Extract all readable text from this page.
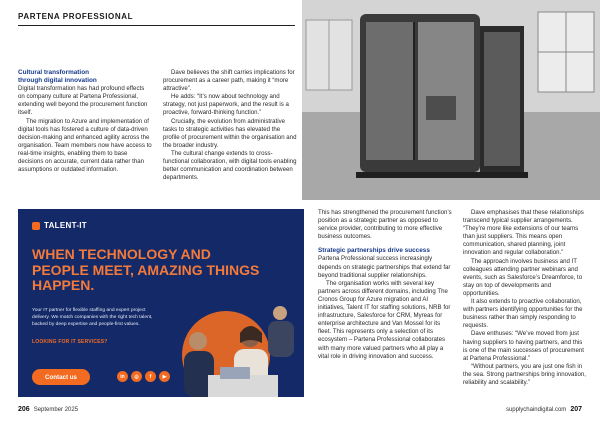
PARTENA PROFESSIONAL
Cultural transformation
through digital innovation

Digital transformation has had profound effects on company culture at Partena Professional, extending well beyond the procurement function itself.

The migration to Azure and implementation of digital tools has fostered a culture of data-driven decision-making and enhanced agility across the organisation. Team members now have access to real-time insights, enabling them to base decisions on accurate, current data rather than assumptions or outdated information.

Dave believes the shift carries implications for procurement as a career path, making it “more attractive”.

He adds: “It’s now about technology and strategy, not just paperwork, and the result is a proactive, forward-thinking function.”

Crucially, the evolution from administrative tasks to strategic activities has elevated the profile of procurement within the organisation and the broader industry.

The cultural change extends to cross-functional collaboration, with digital tools enabling better communication and coordination between departments.

TALENT-IT
WHEN TECHNOLOGY AND PEOPLE MEET, AMAZING THINGS HAPPEN.
Your IT partner for flexible staffing and expert project delivery. We match companies with the right tech talent, backed by deep expertise and people-first values.
LOOKING FOR IT SERVICES?
Contact us	in	◎	f	▶

This has strengthened the procurement function’s position as a strategic partner as opposed to service provider, contributing to more effective business outcomes.

Strategic partnerships drive success

Partena Professional success increasingly depends on strategic partnerships that extend far beyond traditional supplier relationships.

The organisation works with several key partners across different domains, including The Cronos Group for Azure migration and AI initiatives, Talent IT for staffing solutions, NRB for infrastructure, Salesforce for CRM, Myreas for enterprise architecture and Van Mossel for its fleet. This represents only a selection of its ecosystem – Partena Professional collaborates with many more valued partners who all play a vital role in driving innovation and success.

Dave emphasises that these relationships transcend typical supplier arrangements. “They’re more like extensions of our teams than just suppliers. This means open communication, shared planning, joint innovation and regular collaboration.”

The approach involves business and IT colleagues attending partner webinars and events, such as Salesforce’s Dreamforce, to stay on top of developments and opportunities.

It also extends to proactive collaboration, with partners identifying opportunities for the business rather than simply responding to requests.

Dave enthuses: “We’ve moved from just having suppliers to having partners, and this is one of the main successes of procurement at Partena Professional.”

“Without partners, you are just one fish in the sea. Strong partnerships bring innovation, reliability and scalability.”

206 September 2025	supplychaindigital.com 207
